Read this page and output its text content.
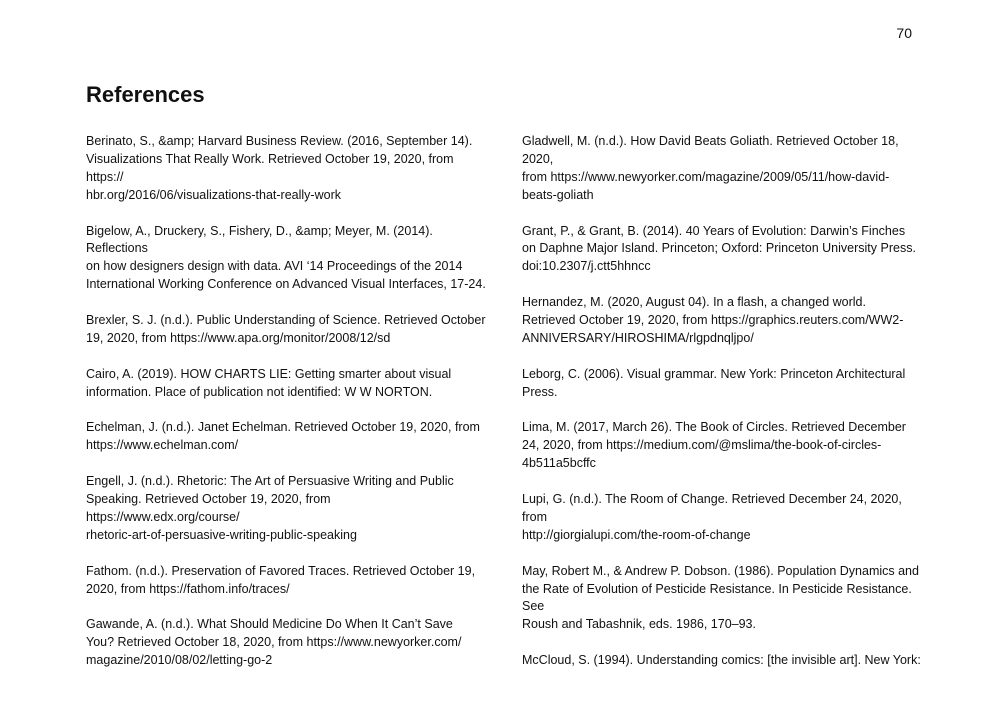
70
References

Berinato, S., &amp; Harvard Business Review. (2016, September 14).
Visualizations That Really Work. Retrieved October 19, 2020, from https://
hbr.org/2016/06/visualizations-that-really-work

Bigelow, A., Druckery, S., Fishery, D., &amp; Meyer, M. (2014). Reflections
on how designers design with data. AVI ‘14 Proceedings of the 2014
International Working Conference on Advanced Visual Interfaces, 17-24.

Brexler, S. J. (n.d.). Public Understanding of Science. Retrieved October
19, 2020, from https://www.apa.org/monitor/2008/12/sd

Cairo, A. (2019). HOW CHARTS LIE: Getting smarter about visual
information. Place of publication not identified: W W NORTON.

Echelman, J. (n.d.). Janet Echelman. Retrieved October 19, 2020, from
https://www.echelman.com/

Engell, J. (n.d.). Rhetoric: The Art of Persuasive Writing and Public
Speaking. Retrieved October 19, 2020, from https://www.edx.org/course/
rhetoric-art-of-persuasive-writing-public-speaking

Fathom. (n.d.). Preservation of Favored Traces. Retrieved October 19,
2020, from https://fathom.info/traces/

Gawande, A. (n.d.). What Should Medicine Do When It Can’t Save
You? Retrieved October 18, 2020, from https://www.newyorker.com/
magazine/2010/08/02/letting-go-2

Gladwell, M. (n.d.). How David Beats Goliath. Retrieved October 18, 2020,
from https://www.newyorker.com/magazine/2009/05/11/how-david-
beats-goliath

Grant, P., & Grant, B. (2014). 40 Years of Evolution: Darwin’s Finches
on Daphne Major Island. Princeton; Oxford: Princeton University Press.
doi:10.2307/j.ctt5hhncc

Hernandez, M. (2020, August 04). In a flash, a changed world.
Retrieved October 19, 2020, from https://graphics.reuters.com/WW2-
ANNIVERSARY/HIROSHIMA/rlgpdnqljpo/

Leborg, C. (2006). Visual grammar. New York: Princeton Architectural
Press.

Lima, M. (2017, March 26). The Book of Circles. Retrieved December
24, 2020, from https://medium.com/@mslima/the-book-of-circles-
4b511a5bcffc

Lupi, G. (n.d.). The Room of Change. Retrieved December 24, 2020, from
http://giorgialupi.com/the-room-of-change

May, Robert M., & Andrew P. Dobson. (1986). Population Dynamics and
the Rate of Evolution of Pesticide Resistance. In Pesticide Resistance. See
Roush and Tabashnik, eds. 1986, 170–93.

McCloud, S. (1994). Understanding comics: [the invisible art]. New York:
